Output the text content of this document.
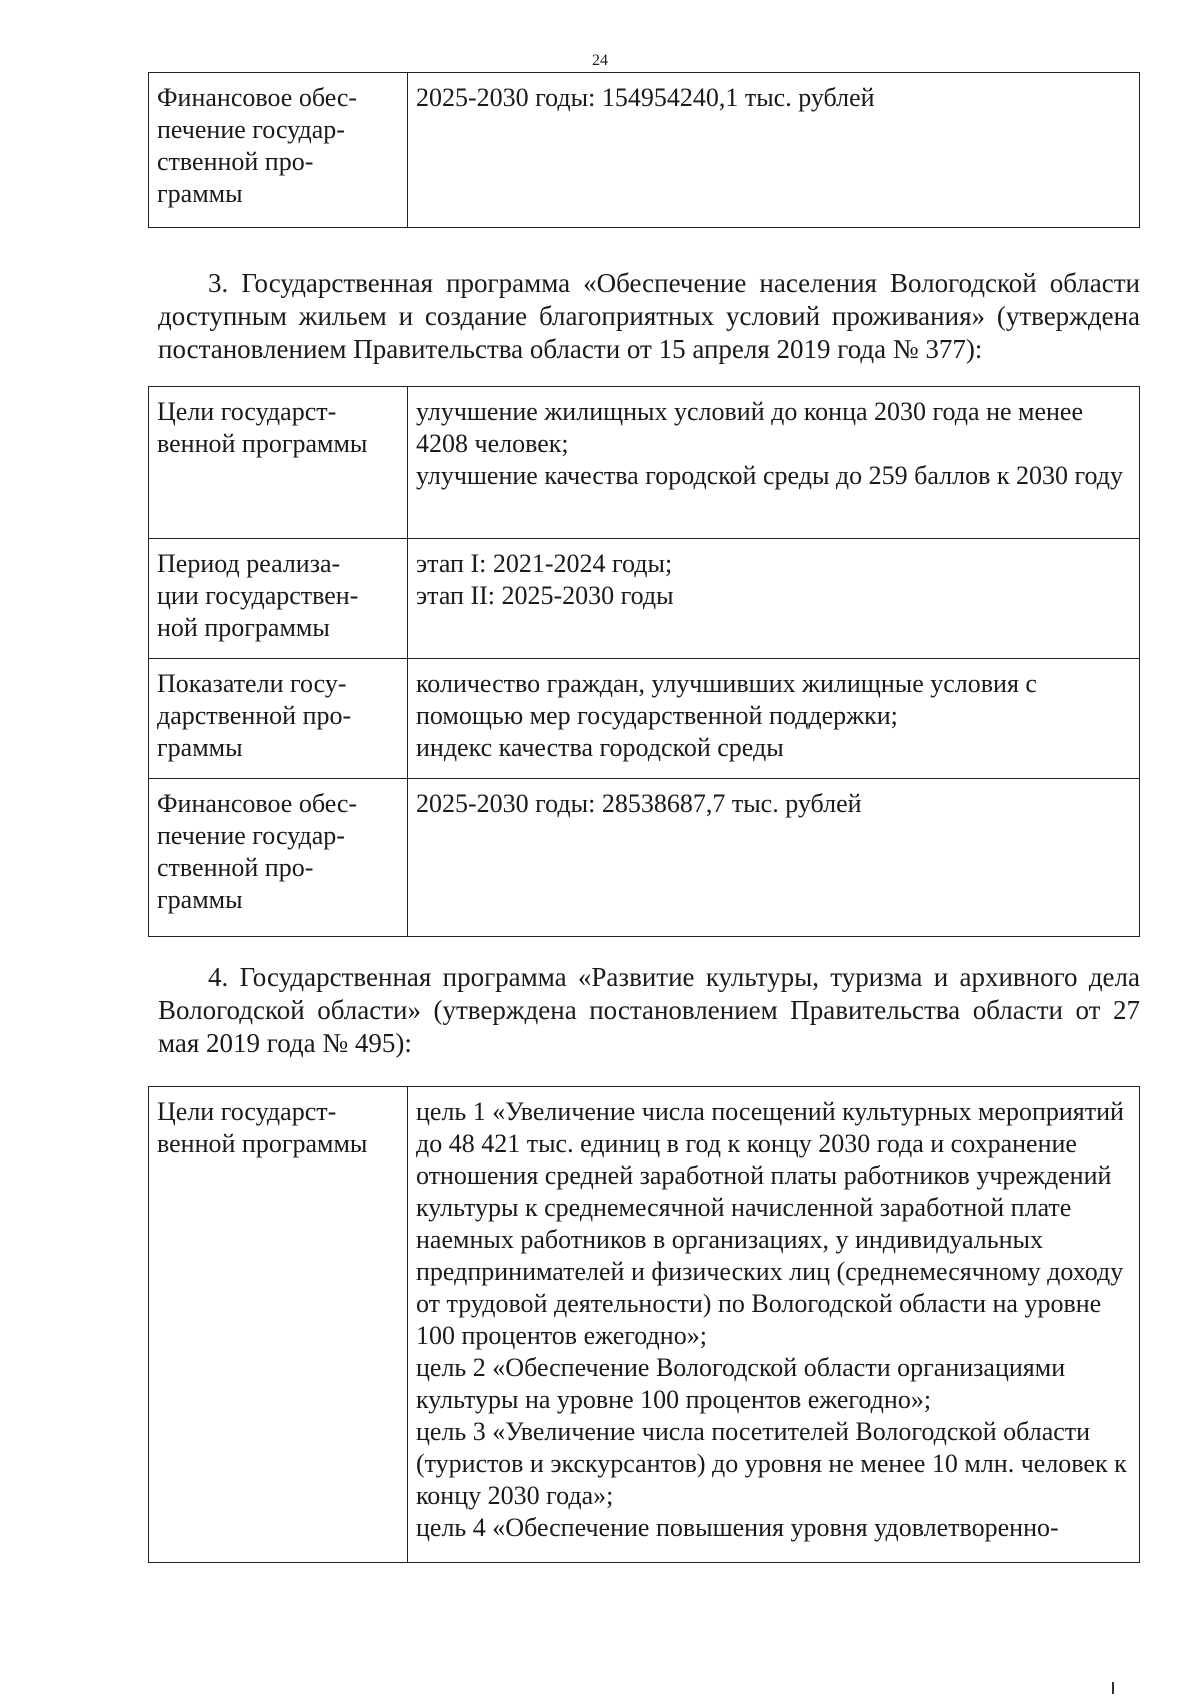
24
Финансовое обес-
печение государ-
ственной про-
граммы	2025-2030 годы: 154954240,1 тыс. рублей

3. Государственная программа «Обеспечение населения Вологодской области доступным жильем и создание благоприятных условий проживания» (утверждена постановлением Правительства области от 15 апреля 2019 года № 377):

Цели государст-
венной программы	улучшение жилищных условий до конца 2030 года не менее 4208 человек;
улучшение качества городской среды до 259 баллов к 2030 году
Период реализа-
ции государствен-
ной программы	этап I: 2021-2024 годы;
этап II: 2025-2030 годы
Показатели госу-
дарственной про-
граммы	количество граждан, улучшивших жилищные условия с помощью мер государственной поддержки;
индекс качества городской среды
Финансовое обес-
печение государ-
ственной про-
граммы	2025-2030 годы: 28538687,7 тыс. рублей

4. Государственная программа «Развитие культуры, туризма и архивного дела Вологодской области» (утверждена постановлением Правительства области от 27 мая 2019 года № 495):

Цели государст-
венной программы	цель 1 «Увеличение числа посещений культурных мероприятий до 48 421 тыс. единиц в год к концу 2030 года и сохранение отношения средней заработной платы работников учреждений культуры к среднемесячной начисленной заработной плате наемных работников в организациях, у индивидуальных предприниматeлей и физических лиц (среднемесячному доходу от трудовой деятельности) по Вологодской области на уровне 100 процентов ежегодно»;
цель 2 «Обеспечение Вологодской области организациями культуры на уровне 100 процентов ежегодно»;
цель 3 «Увеличение числа посетителей Вологодской области (туристов и экскурсантов) до уровня не менее 10 млн. человек к концу 2030 года»;
цель 4 «Обеспечение повышения уровня удовлетворенно-
